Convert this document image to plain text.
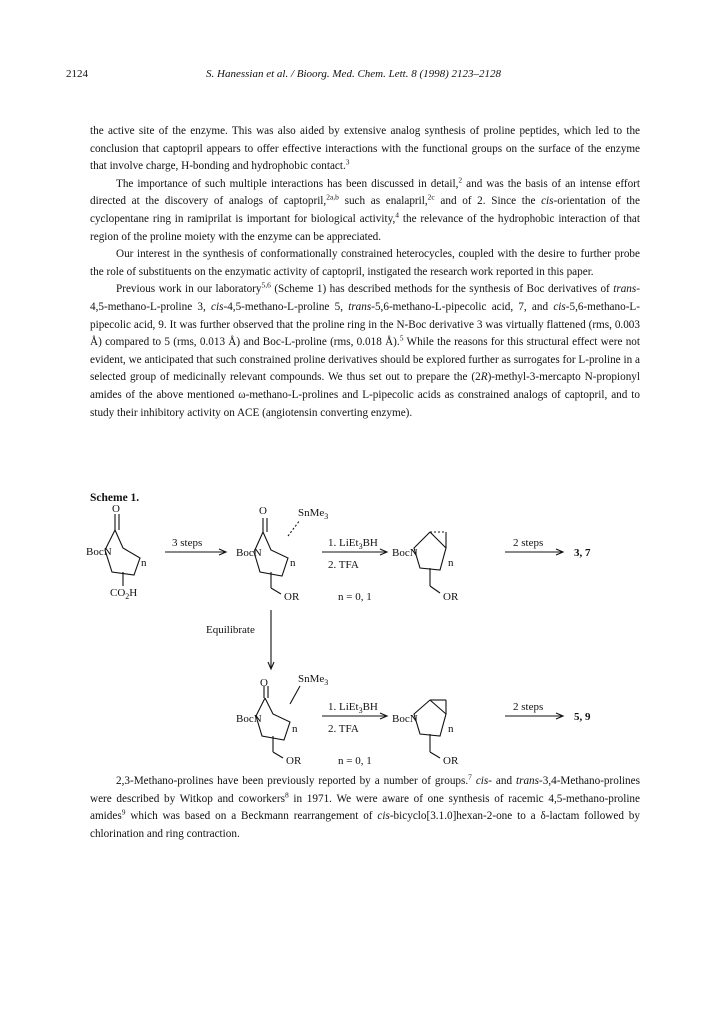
2124	S. Hanessian et al. / Bioorg. Med. Chem. Lett. 8 (1998) 2123–2128

the active site of the enzyme. This was also aided by extensive analog synthesis of proline peptides, which led to the conclusion that captopril appears to offer effective interactions with the functional groups on the surface of the enzyme that involve charge, H-bonding and hydrophobic contact.$^3$

The importance of such multiple interactions has been discussed in detail,$^2$ and was the basis of an intense effort directed at the discovery of analogs of captopril,$^{2a,b}$ such as enalapril,$^{2c}$ and of 2. Since the cis-orientation of the cyclopentane ring in ramiprilat is important for biological activity,$^4$ the relevance of the hydrophobic interaction of that region of the proline moiety with the enzyme can be appreciated.

Our interest in the synthesis of conformationally constrained heterocycles, coupled with the desire to further probe the role of substituents on the enzymatic activity of captopril, instigated the research work reported in this paper.

Previous work in our laboratory$^{5,6}$ (Scheme 1) has described methods for the synthesis of Boc derivatives of trans-4,5-methano-L-proline 3, cis-4,5-methano-L-proline 5, trans-5,6-methano-L-pipecolic acid, 7, and cis-5,6-methano-L-pipecolic acid, 9. It was further observed that the proline ring in the N-Boc derivative 3 was virtually flattened (rms, 0.003 Å) compared to 5 (rms, 0.013 Å) and Boc-L-proline (rms, 0.018 Å).$^5$ While the reasons for this structural effect were not evident, we anticipated that such constrained proline derivatives should be explored further as surrogates for L-proline in a selected group of medicinally relevant compounds. We thus set out to prepare the (2R)-methyl-3-mercapto N-propionyl amides of the above mentioned ω-methano-L-prolines and L-pipecolic acids as constrained analogs of captopril, and to study their inhibitory activity on ACE (angiotensin converting enzyme).

Scheme 1.
O
BocN
n
$CO_2H$
3 steps
O	SnMe$_3$
BocN
n
OR
1. LiEt$_3$BH
2. TFA
n = 0, 1
BocN
n
OR
2 steps
3, 7
Equilibrate
O	SnMe$_3$
BocN
n
OR
1. LiEt$_3$BH
2. TFA
n = 0, 1
BocN
n
OR
2 steps
5, 9

2,3-Methano-prolines have been previously reported by a number of groups.$^7$ cis- and trans-3,4-Methano-prolines were described by Witkop and coworkers$^8$ in 1971. We were aware of one synthesis of racemic 4,5-methano-proline amides$^9$ which was based on a Beckmann rearrangement of cis-bicyclo[3.1.0]hexan-2-one to a δ-lactam followed by chlorination and ring contraction.
